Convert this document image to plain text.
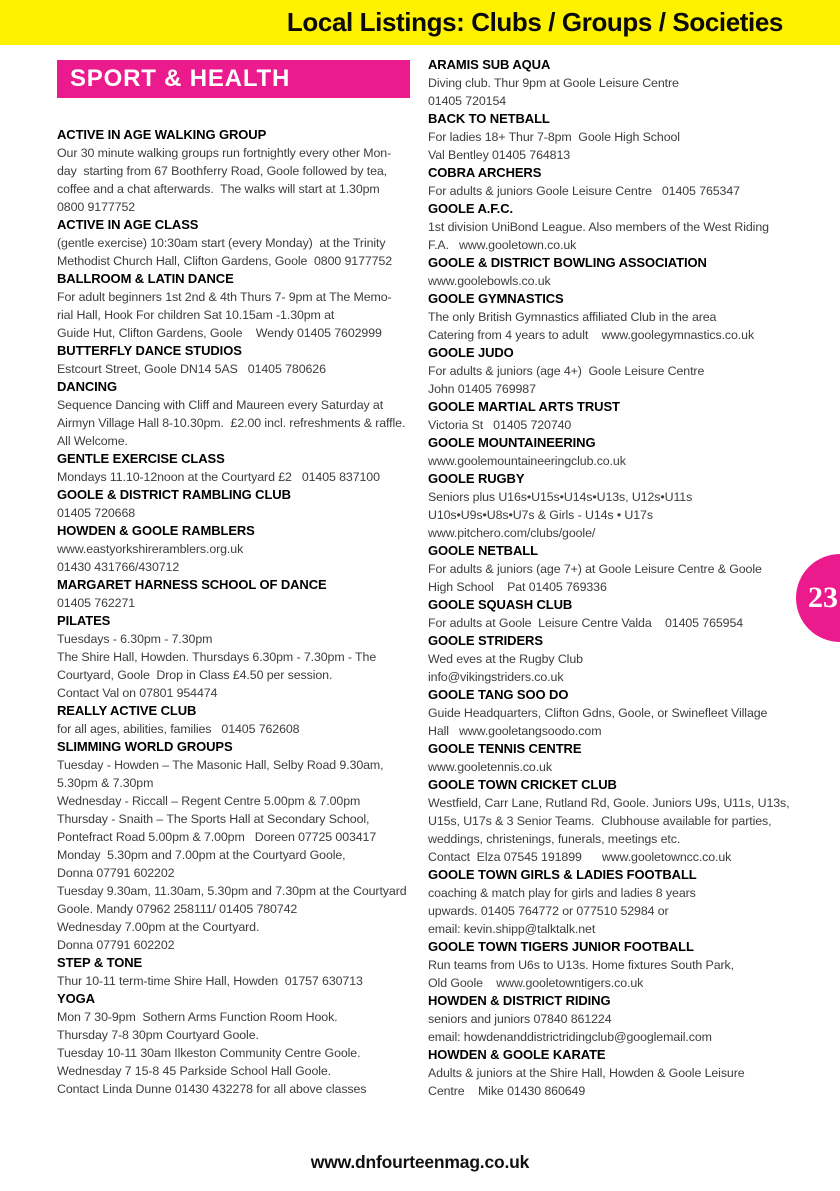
Local Listings: Clubs / Groups / Societies
SPORT & HEALTH
ACTIVE IN AGE WALKING GROUP
Our 30 minute walking groups run fortnightly every other Mon-
day  starting from 67 Boothferry Road, Goole followed by tea,
coffee and a chat afterwards.  The walks will start at 1.30pm
0800 9177752
ACTIVE IN AGE CLASS
(gentle exercise) 10:30am start (every Monday)  at the Trinity
Methodist Church Hall, Clifton Gardens, Goole  0800 9177752
BALLROOM & LATIN DANCE
For adult beginners 1st 2nd & 4th Thurs 7- 9pm at The Memo-
rial Hall, Hook For children Sat 10.15am -1.30pm at
Guide Hut, Clifton Gardens, Goole    Wendy 01405 7602999
BUTTERFLY DANCE STUDIOS
Estcourt Street, Goole DN14 5AS   01405 780626
DANCING
Sequence Dancing with Cliff and Maureen every Saturday at
Airmyn Village Hall 8-10.30pm.  £2.00 incl. refreshments & raffle.
All Welcome.
GENTLE EXERCISE CLASS
Mondays 11.10-12noon at the Courtyard £2   01405 837100
GOOLE & DISTRICT RAMBLING CLUB
01405 720668
HOWDEN & GOOLE RAMBLERS
www.eastyorkshireramblers.org.uk
01430 431766/430712
MARGARET HARNESS SCHOOL OF DANCE
01405 762271
PILATES
Tuesdays - 6.30pm - 7.30pm
The Shire Hall, Howden. Thursdays 6.30pm - 7.30pm - The
Courtyard, Goole  Drop in Class £4.50 per session.
Contact Val on 07801 954474
REALLY ACTIVE CLUB
for all ages, abilities, families   01405 762608
SLIMMING WORLD GROUPS
Tuesday - Howden – The Masonic Hall, Selby Road 9.30am,
5.30pm & 7.30pm
Wednesday - Riccall – Regent Centre 5.00pm & 7.00pm
Thursday - Snaith – The Sports Hall at Secondary School,
Pontefract Road 5.00pm & 7.00pm   Doreen 07725 003417
Monday  5.30pm and 7.00pm at the Courtyard Goole,
Donna 07791 602202
Tuesday 9.30am, 11.30am, 5.30pm and 7.30pm at the Courtyard
Goole. Mandy 07962 258111/ 01405 780742
Wednesday 7.00pm at the Courtyard.
Donna 07791 602202
STEP & TONE
Thur 10-11 term-time Shire Hall, Howden  01757 630713
YOGA
Mon 7 30-9pm  Sothern Arms Function Room Hook.
Thursday 7-8 30pm Courtyard Goole.
Tuesday 10-11 30am Ilkeston Community Centre Goole.
Wednesday 7 15-8 45 Parkside School Hall Goole.
Contact Linda Dunne 01430 432278 for all above classes
ARAMIS SUB AQUA
Diving club. Thur 9pm at Goole Leisure Centre
01405 720154
BACK TO NETBALL
For ladies 18+ Thur 7-8pm  Goole High School
Val Bentley 01405 764813
COBRA ARCHERS
For adults & juniors Goole Leisure Centre   01405 765347
GOOLE A.F.C.
1st division UniBond League. Also members of the West Riding
F.A.   www.gooletown.co.uk
GOOLE & DISTRICT BOWLING ASSOCIATION
www.goolebowls.co.uk
GOOLE GYMNASTICS
The only British Gymnastics affiliated Club in the area
Catering from 4 years to adult    www.goolegymnastics.co.uk
GOOLE JUDO
For adults & juniors (age 4+)  Goole Leisure Centre
John 01405 769987
GOOLE MARTIAL ARTS TRUST
Victoria St   01405 720740
GOOLE MOUNTAINEERING
www.goolemountaineeringclub.co.uk
GOOLE RUGBY
Seniors plus U16s•U15s•U14s•U13s, U12s•U11s
U10s•U9s•U8s•U7s & Girls - U14s • U17s
www.pitchero.com/clubs/goole/
GOOLE NETBALL
For adults & juniors (age 7+) at Goole Leisure Centre & Goole
High School    Pat 01405 769336
GOOLE SQUASH CLUB
For adults at Goole  Leisure Centre Valda    01405 765954
GOOLE STRIDERS
Wed eves at the Rugby Club
info@vikingstriders.co.uk
GOOLE TANG SOO DO
Guide Headquarters, Clifton Gdns, Goole, or Swinefleet Village
Hall   www.gooletangsoodo.com
GOOLE TENNIS CENTRE
www.gooletennis.co.uk
GOOLE TOWN CRICKET CLUB
Westfield, Carr Lane, Rutland Rd, Goole. Juniors U9s, U11s, U13s,
U15s, U17s & 3 Senior Teams.  Clubhouse available for parties,
weddings, christenings, funerals, meetings etc.
Contact  Elza 07545 191899      www.gooletowncc.co.uk
GOOLE TOWN GIRLS & LADIES FOOTBALL
coaching & match play for girls and ladies 8 years
upwards. 01405 764772 or 077510 52984 or
email: kevin.shipp@talktalk.net
GOOLE TOWN TIGERS JUNIOR FOOTBALL
Run teams from U6s to U13s. Home fixtures South Park,
Old Goole    www.gooletowntigers.co.uk
HOWDEN & DISTRICT RIDING
seniors and juniors 07840 861224
email: howdenanddistrictridingclub@googlemail.com
HOWDEN & GOOLE KARATE
Adults & juniors at the Shire Hall, Howden & Goole Leisure
Centre    Mike 01430 860649
23
www.dnfourteenmag.co.uk
